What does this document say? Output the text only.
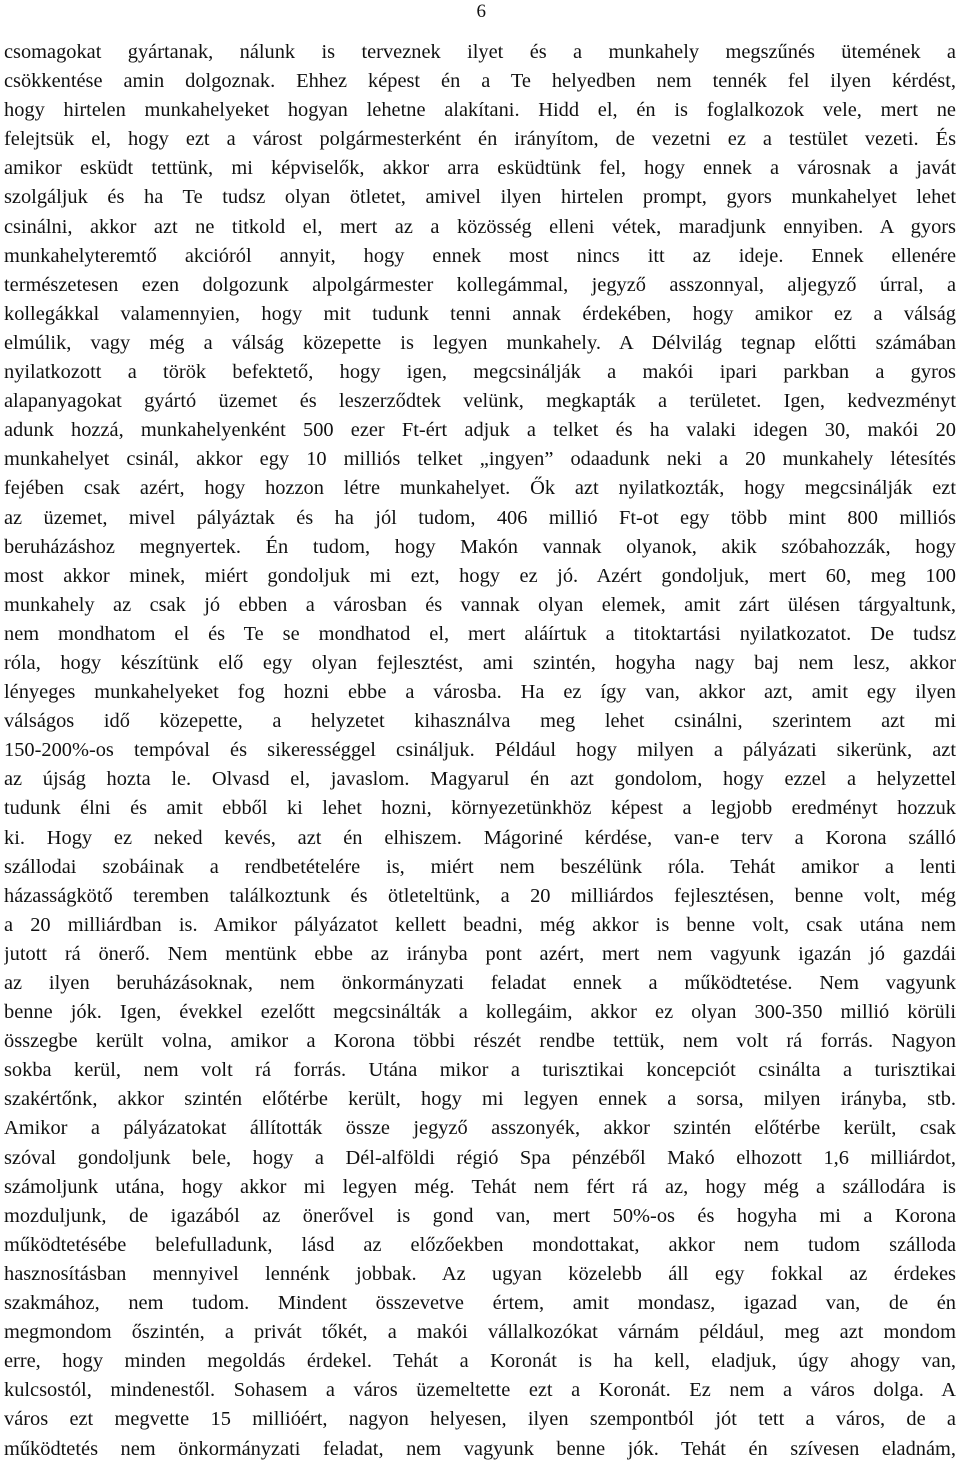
6
csomagokat gyártanak, nálunk is terveznek ilyet és a munkahely megszűnés ütemének a
csökkentése amin dolgoznak. Ehhez képest én a Te helyedben nem tennék fel ilyen kérdést,
hogy hirtelen munkahelyeket hogyan lehetne alakítani. Hidd el, én is foglalkozok vele, mert ne
felejtsük el, hogy ezt a várost polgármesterként én irányítom, de vezetni ez a testület vezeti. És
amikor esküdt tettünk, mi képviselők, akkor arra esküdtünk fel, hogy ennek a városnak a javát
szolgáljuk és ha Te tudsz olyan ötletet, amivel ilyen hirtelen prompt, gyors munkahelyet lehet
csinálni, akkor azt ne titkold el, mert az a közösség elleni vétek, maradjunk ennyiben. A gyors
munkahelyteremtő akcióról annyit, hogy ennek most nincs itt az ideje. Ennek ellenére
természetesen ezen dolgozunk alpolgármester kollegámmal, jegyző asszonnyal, aljegyző úrral, a
kollegákkal valamennyien, hogy mit tudunk tenni annak érdekében, hogy amikor ez a válság
elmúlik, vagy még a válság közepette is legyen munkahely. A Délvilág tegnap előtti számában
nyilatkozott a török befektető, hogy igen, megcsinálják a makói ipari parkban a gyros
alapanyagokat gyártó üzemet és leszerződtek velünk, megkapták a területet. Igen, kedvezményt
adunk hozzá, munkahelyenként 500 ezer Ft-ért adjuk a telket és ha valaki idegen 30, makói 20
munkahelyet csinál, akkor egy 10 milliós telket „ingyen” odaadunk neki a 20 munkahely létesítés
fejében csak azért, hogy hozzon létre munkahelyet. Ők azt nyilatkozták, hogy megcsinálják ezt
az üzemet, mivel pályáztak és ha jól tudom, 406 millió Ft-ot egy több mint 800 milliós
beruházáshoz megnyertek. Én tudom, hogy Makón vannak olyanok, akik szóbahozzák, hogy
most akkor minek, miért gondoljuk mi ezt, hogy ez jó. Azért gondoljuk, mert 60, meg 100
munkahely az csak jó ebben a városban és vannak olyan elemek, amit zárt ülésen tárgyaltunk,
nem mondhatom el és Te se mondhatod el, mert aláírtuk a titoktartási nyilatkozatot. De tudsz
róla, hogy készítünk elő egy olyan fejlesztést, ami szintén, hogyha nagy baj nem lesz, akkor
lényeges munkahelyeket fog hozni ebbe a városba. Ha ez így van, akkor azt, amit egy ilyen
válságos idő közepette, a helyzetet kihasználva meg lehet csinálni, szerintem azt mi
150-200%-os tempóval és sikerességgel csináljuk. Például hogy milyen a pályázati sikerünk, azt
az újság hozta le. Olvasd el, javaslom. Magyarul én azt gondolom, hogy ezzel a helyzettel
tudunk élni és amit ebből ki lehet hozni, környezetünkhöz képest a legjobb eredményt hozzuk
ki. Hogy ez neked kevés, azt én elhiszem. Mágoriné kérdése, van-e terv a Korona szálló
szállodai szobáinak a rendbetételére is, miért nem beszélünk róla. Tehát amikor a lenti
házasságkötő teremben találkoztunk és ötleteltünk, a 20 milliárdos fejlesztésen, benne volt, még
a 20 milliárdban is. Amikor pályázatot kellett beadni, még akkor is benne volt, csak utána nem
jutott rá önerő. Nem mentünk ebbe az irányba pont azért, mert nem vagyunk igazán jó gazdái
az ilyen beruházásoknak, nem önkormányzati feladat ennek a működtetése. Nem vagyunk
benne jók. Igen, évekkel ezelőtt megcsinálták a kollegáim, akkor ez olyan 300-350 millió körüli
összegbe került volna, amikor a Korona többi részét rendbe tettük, nem volt rá forrás. Nagyon
sokba kerül, nem volt rá forrás. Utána mikor a turisztikai koncepciót csinálta a turisztikai
szakértőnk, akkor szintén előtérbe került, hogy mi legyen ennek a sorsa, milyen irányba, stb.
Amikor a pályázatokat állították össze jegyző asszonyék, akkor szintén előtérbe került, csak
szóval gondoljunk bele, hogy a Dél-alföldi régió Spa pénzéből Makó elhozott 1,6 milliárdot,
számoljunk utána, hogy akkor mi legyen még. Tehát nem fért rá az, hogy még a szállodára is
mozduljunk, de igazából az önerővel is gond van, mert 50%-os és hogyha mi a Korona
működtetésébe belefulladunk, lásd az előzőekben mondottakat, akkor nem tudom szálloda
hasznosításban mennyivel lennénk jobbak. Az ugyan közelebb áll egy fokkal az érdekes
szakmához, nem tudom. Mindent összevetve értem, amit mondasz, igazad van, de én
megmondom őszintén, a privát tőkét, a makói vállalkozókat várnám például, meg azt mondom
erre, hogy minden megoldás érdekel. Tehát a Koronát is ha kell, eladjuk, úgy ahogy van,
kulcsostól, mindenestől. Sohasem a város üzemeltette ezt a Koronát. Ez nem a város dolga. A
város ezt megvette 15 millióért, nagyon helyesen, ilyen szempontból jót tett a város, de a
működtetés nem önkormányzati feladat, nem vagyunk benne jók. Tehát én szívesen eladnám,
